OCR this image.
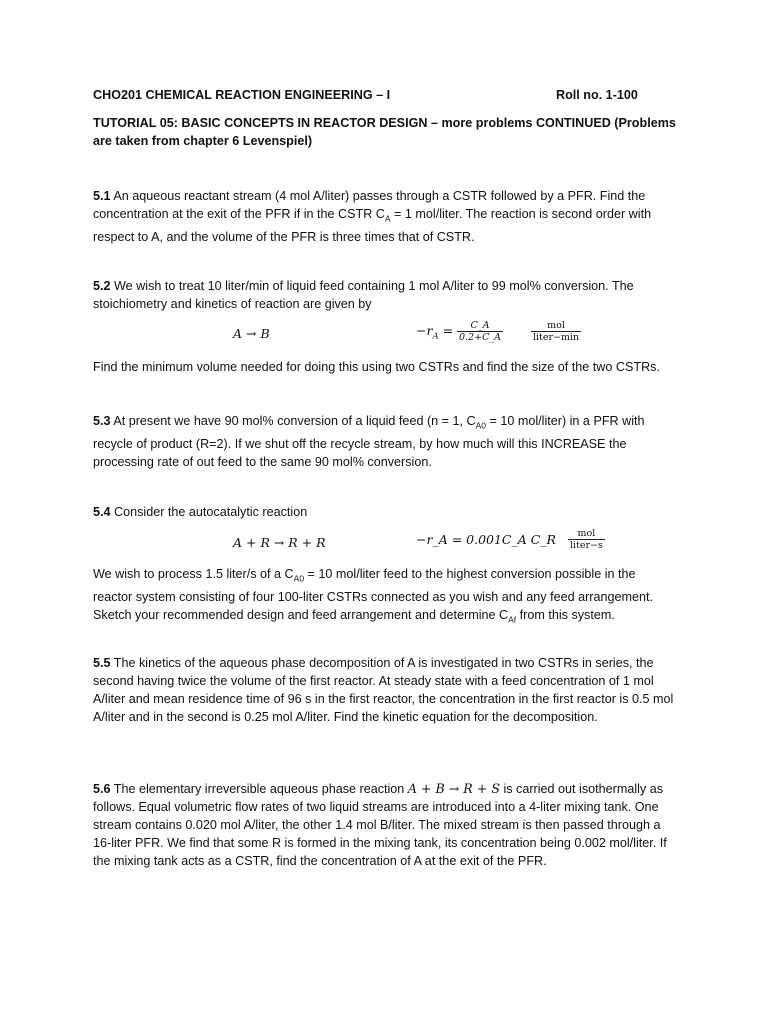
CHO201 CHEMICAL REACTION ENGINEERING – I	Roll no. 1-100
TUTORIAL 05: BASIC CONCEPTS IN REACTOR DESIGN – more problems CONTINUED (Problems are taken from chapter 6 Levenspiel)
5.1 An aqueous reactant stream (4 mol A/liter) passes through a CSTR followed by a PFR. Find the concentration at the exit of the PFR if in the CSTR $C_A = 1$ mol/liter. The reaction is second order with respect to A, and the volume of the PFR is three times that of CSTR.
5.2 We wish to treat 10 liter/min of liquid feed containing 1 mol A/liter to 99 mol% conversion. The stoichiometry and kinetics of reaction are given by
A → B	$-r_A = \frac{C\_A}{0.2+C\_A}$
	$\frac{\text{mol}}{\text{liter−min}}$
Find the minimum volume needed for doing this using two CSTRs and find the size of the two CSTRs.
5.3 At present we have 90 mol% conversion of a liquid feed (n = 1, $C_{A0} = 10$ mol/liter) in a PFR with recycle of product (R=2). If we shut off the recycle stream, by how much will this INCREASE the processing rate of out feed to the same 90 mol% conversion.
5.4 Consider the autocatalytic reaction
A + R → R + R	−r_A = 0.001C_A C_R $\frac{\text{mol}}{\text{liter−s}}$
We wish to process 1.5 liter/s of a $C_{A0} = 10$ mol/liter feed to the highest conversion possible in the reactor system consisting of four 100-liter CSTRs connected as you wish and any feed arrangement. Sketch your recommended design and feed arrangement and determine $C_{Af}$ from this system.
5.5 The kinetics of the aqueous phase decomposition of A is investigated in two CSTRs in series, the second having twice the volume of the first reactor. At steady state with a feed concentration of 1 mol A/liter and mean residence time of 96 s in the first reactor, the concentration in the first reactor is 0.5 mol A/liter and in the second is 0.25 mol A/liter. Find the kinetic equation for the decomposition.
5.6 The elementary irreversible aqueous phase reaction A + B → R + S is carried out isothermally as follows. Equal volumetric flow rates of two liquid streams are introduced into a 4-liter mixing tank. One stream contains 0.020 mol A/liter, the other 1.4 mol B/liter. The mixed stream is then passed through a 16-liter PFR. We find that some R is formed in the mixing tank, its concentration being 0.002 mol/liter. If the mixing tank acts as a CSTR, find the concentration of A at the exit of the PFR.
